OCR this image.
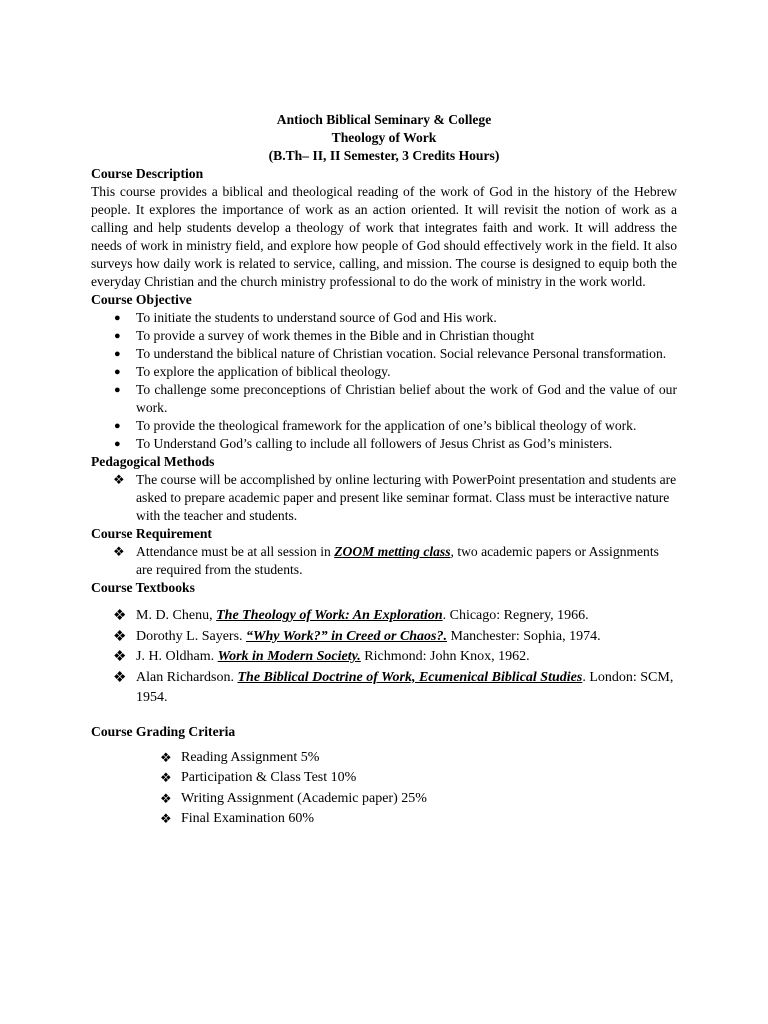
Antioch Biblical Seminary & College
Theology of Work
(B.Th– II, II Semester, 3 Credits Hours)
Course Description
This course provides a biblical and theological reading of the work of God in the history of the Hebrew people. It explores the importance of work as an action oriented. It will revisit the notion of work as a calling and help students develop a theology of work that integrates faith and work. It will address the needs of work in ministry field, and explore how people of God should effectively work in the field. It also surveys how daily work is related to service, calling, and mission. The course is designed to equip both the everyday Christian and the church ministry professional to do the work of ministry in the work world.
Course Objective
● To initiate the students to understand source of God and His work.
● To provide a survey of work themes in the Bible and in Christian thought
● To understand the biblical nature of Christian vocation. Social relevance Personal transformation.
● To explore the application of biblical theology.
● To challenge some preconceptions of Christian belief about the work of God and the value of our work.
● To provide the theological framework for the application of one’s biblical theology of work.
● To Understand God’s calling to include all followers of Jesus Christ as God’s ministers.
Pedagogical Methods
❖ The course will be accomplished by online lecturing with PowerPoint presentation and students are asked to prepare academic paper and present like seminar format. Class must be interactive nature with the teacher and students.
Course Requirement
❖ Attendance must be at all session in ZOOM metting class, two academic papers or Assignments are required from the students.
Course Textbooks
❖ M. D. Chenu, The Theology of Work: An Exploration. Chicago: Regnery, 1966.
❖ Dorothy L. Sayers. “Why Work?” in Creed or Chaos?. Manchester: Sophia, 1974.
❖ J. H. Oldham. Work in Modern Society. Richmond: John Knox, 1962.
❖ Alan Richardson. The Biblical Doctrine of Work, Ecumenical Biblical Studies. London: SCM, 1954.
Course Grading Criteria
❖ Reading Assignment 5%
❖ Participation & Class Test 10%
❖ Writing Assignment (Academic paper) 25%
❖ Final Examination 60%
